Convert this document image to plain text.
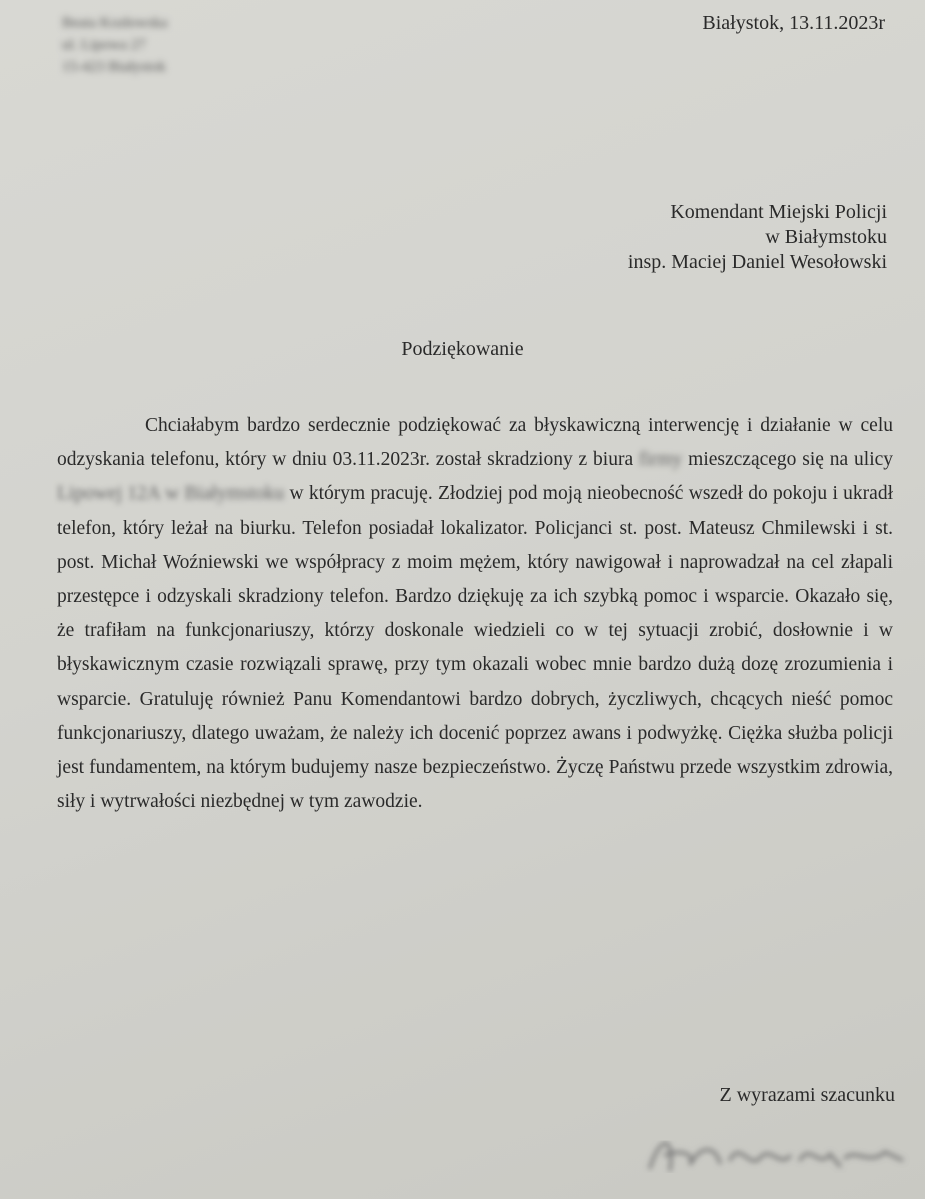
Beata Kozłowska
ul. Lipowa 27
15-423 Białystok
Białystok, 13.11.2023r
Komendant Miejski Policji
w Białymstoku
insp. Maciej Daniel Wesołowski
Podziękowanie
Chciałabym bardzo serdecznie podziękować za błyskawiczną interwencję i działanie w celu odzyskania telefonu, który w dniu 03.11.2023r. został skradziony z biura firmy mieszczącego się na ulicy Lipowej 12A w Białymstoku w którym pracuję. Złodziej pod moją nieobecność wszedł do pokoju i ukradł telefon, który leżał na biurku. Telefon posiadał lokalizator. Policjanci st. post. Mateusz Chmilewski i st. post. Michał Woźniewski we współpracy z moim mężem, który nawigował i naprowadzał na cel złapali przestępce i odzyskali skradziony telefon. Bardzo dziękuję za ich szybką pomoc i wsparcie. Okazało się, że trafiłam na funkcjonariuszy, którzy doskonale wiedzieli co w tej sytuacji zrobić, dosłownie i w błyskawicznym czasie rozwiązali sprawę, przy tym okazali wobec mnie bardzo dużą dozę zrozumienia i wsparcie. Gratuluję również Panu Komendantowi bardzo dobrych, życzliwych, chcących nieść pomoc funkcjonariuszy, dlatego uważam, że należy ich docenić poprzez awans i podwyżkę. Ciężka służba policji jest fundamentem, na którym budujemy nasze bezpieczeństwo. Życzę Państwu przede wszystkim zdrowia, siły i wytrwałości niezbędnej w tym zawodzie.
Z wyrazami szacunku
